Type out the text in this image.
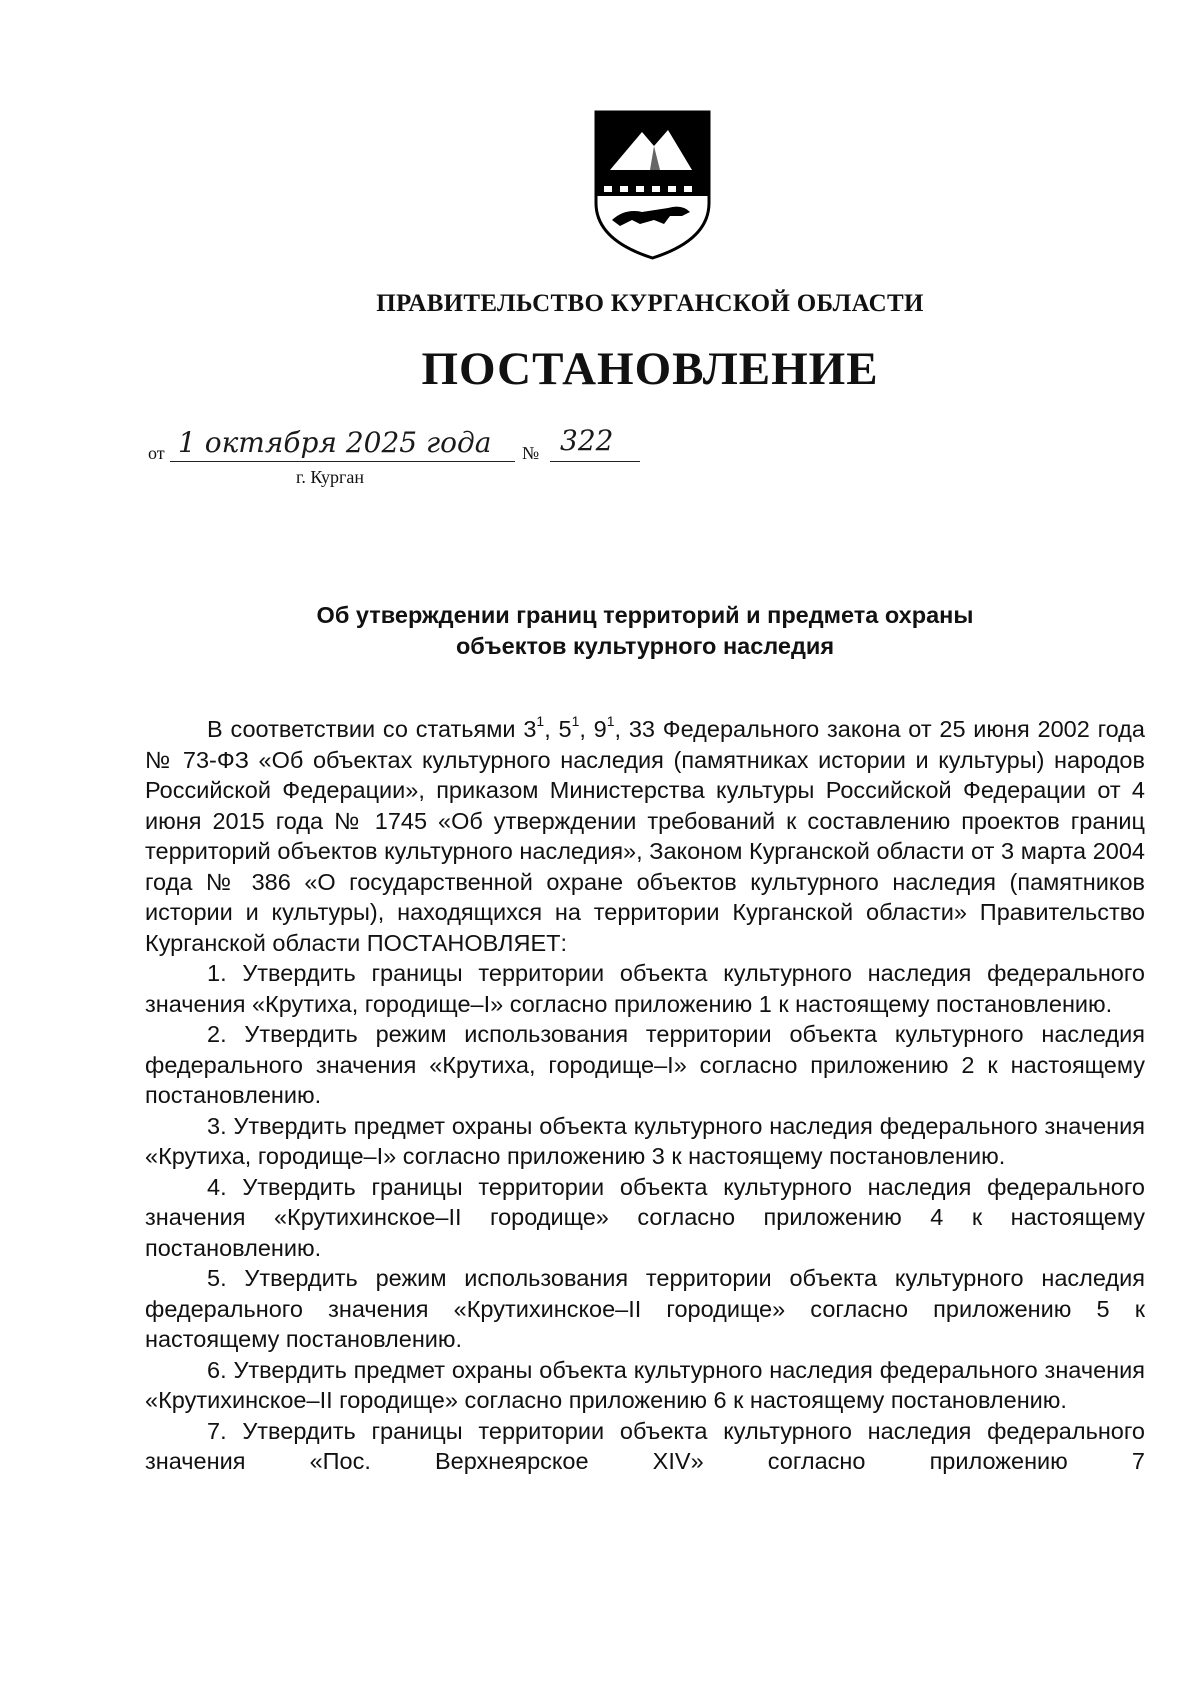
ПРАВИТЕЛЬСТВО КУРГАНСКОЙ ОБЛАСТИ
ПОСТАНОВЛЕНИЕ
от 1 октября 2025 года № 322
г. Курган
Об утверждении границ территорий и предмета охраны
объектов культурного наследия

В соответствии со статьями $3^1$, $5^1$, $9^1$, 33 Федерального закона от 25 июня 2002 года № 73-ФЗ «Об объектах культурного наследия (памятниках истории и культуры) народов Российской Федерации», приказом Министерства культуры Российской Федерации от 4 июня 2015 года № 1745 «Об утверждении требований к составлению проектов границ территорий объектов культурного наследия», Законом Курганской области от 3 марта 2004 года № 386 «О государственной охране объектов культурного наследия (памятников истории и культуры), находящихся на территории Курганской области» Правительство Курганской области ПОСТАНОВЛЯЕТ:

1. Утвердить границы территории объекта культурного наследия федерального значения «Крутиха, городище–I» согласно приложению 1 к настоящему постановлению.

2. Утвердить режим использования территории объекта культурного наследия федерального значения «Крутиха, городище–I» согласно приложению 2 к настоящему постановлению.

3. Утвердить предмет охраны объекта культурного наследия федерального значения «Крутиха, городище–I» согласно приложению 3 к настоящему постановлению.

4. Утвердить границы территории объекта культурного наследия федерального значения «Крутихинское–II городище» согласно приложению 4 к настоящему постановлению.

5. Утвердить режим использования территории объекта культурного наследия федерального значения «Крутихинское–II городище» согласно приложению 5 к настоящему постановлению.

6. Утвердить предмет охраны объекта культурного наследия федерального значения «Крутихинское–II городище» согласно приложению 6 к настоящему постановлению.

7. Утвердить границы территории объекта культурного наследия федерального значения «Пос. Верхнеярское XIV» согласно приложению 7
